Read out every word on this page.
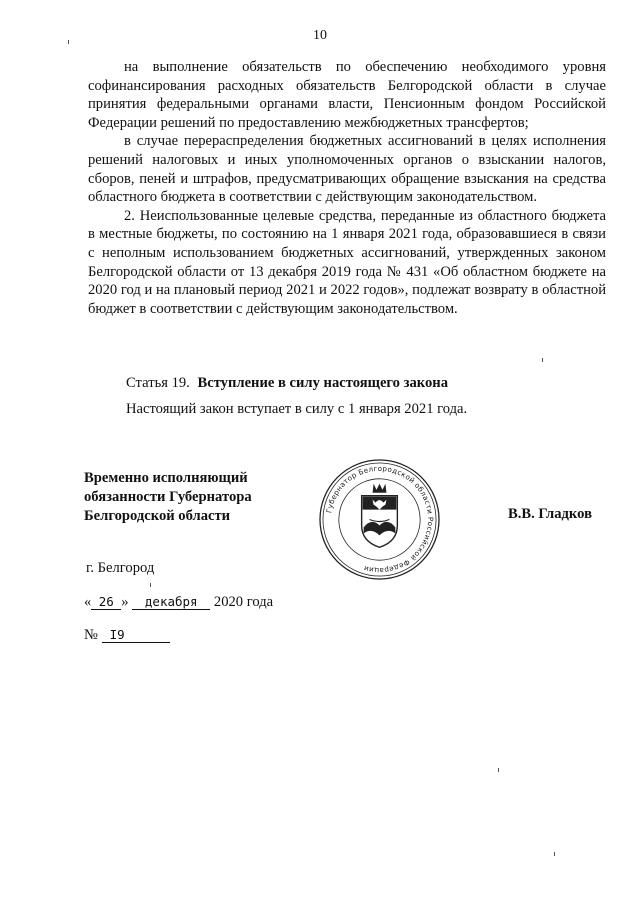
10

на выполнение обязательств по обеспечению необходимого уровня софинансирования расходных обязательств Белгородской области в случае принятия федеральными органами власти, Пенсионным фондом Российской Федерации решений по предоставлению межбюджетных трансфертов;

в случае перераспределения бюджетных ассигнований в целях исполнения решений налоговых и иных уполномоченных органов о взыскании налогов, сборов, пеней и штрафов, предусматривающих обращение взыскания на средства областного бюджета в соответствии с действующим законодательством.

2. Неиспользованные целевые средства, переданные из областного бюджета в местные бюджеты, по состоянию на 1 января 2021 года, образовавшиеся в связи с неполным использованием бюджетных ассигнований, утвержденных законом Белгородской области от 13 декабря 2019 года № 431 «Об областном бюджете на 2020 год и на плановый период 2021 и 2022 годов», подлежат возврату в областной бюджет в соответствии с действующим законодательством.

Статья 19. Вступление в силу настоящего закона
Настоящий закон вступает в силу с 1 января 2021 года.
Временно исполняющий
обязанности Губернатора
Белгородской области	Губернатор Белгородской области Российской Федерации
В.В. Гладков
г. Белгород
« 26 » декабря 2020 года
№ I9
